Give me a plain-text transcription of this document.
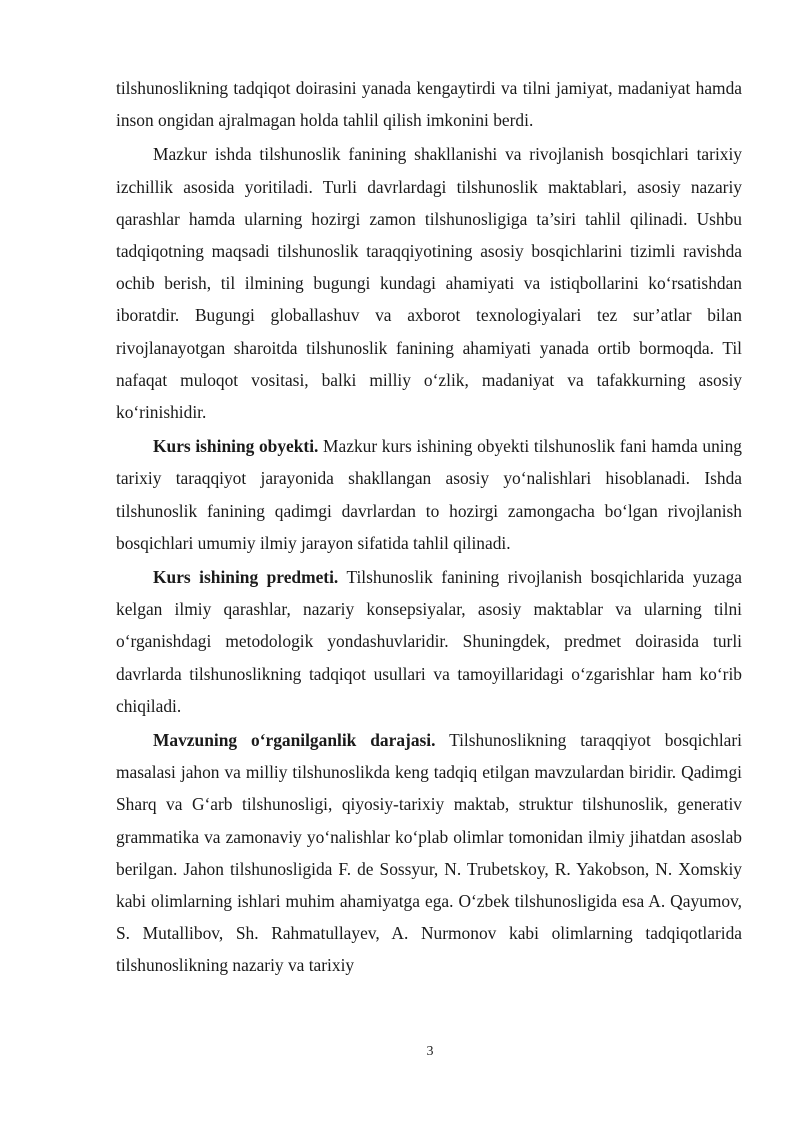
tilshunoslikning tadqiqot doirasini yanada kengaytirdi va tilni jamiyat, madaniyat hamda inson ongidan ajralmagan holda tahlil qilish imkonini berdi.

Mazkur ishda tilshunoslik fanining shakllanishi va rivojlanish bosqichlari tarixiy izchillik asosida yoritiladi. Turli davrlardagi tilshunoslik maktablari, asosiy nazariy qarashlar hamda ularning hozirgi zamon tilshunosligiga ta’siri tahlil qilinadi. Ushbu tadqiqotning maqsadi tilshunoslik taraqqiyotining asosiy bosqichlarini tizimli ravishda ochib berish, til ilmining bugungi kundagi ahamiyati va istiqbollarini ko‘rsatishdan iboratdir. Bugungi globallashuv va axborot texnologiyalari tez sur’atlar bilan rivojlanayotgan sharoitda tilshunoslik fanining ahamiyati yanada ortib bormoqda. Til nafaqat muloqot vositasi, balki milliy o‘zlik, madaniyat va tafakkurning asosiy ko‘rinishidir.

Kurs ishining obyekti. Mazkur kurs ishining obyekti tilshunoslik fani hamda uning tarixiy taraqqiyot jarayonida shakllangan asosiy yo‘nalishlari hisoblanadi. Ishda tilshunoslik fanining qadimgi davrlardan to hozirgi zamongacha bo‘lgan rivojlanish bosqichlari umumiy ilmiy jarayon sifatida tahlil qilinadi.

Kurs ishining predmeti. Tilshunoslik fanining rivojlanish bosqichlarida yuzaga kelgan ilmiy qarashlar, nazariy konsepsiyalar, asosiy maktablar va ularning tilni o‘rganishdagi metodologik yondashuvlaridir. Shuningdek, predmet doirasida turli davrlarda tilshunoslikning tadqiqot usullari va tamoyillaridagi o‘zgarishlar ham ko‘rib chiqiladi.

Mavzuning o‘rganilganlik darajasi. Tilshunoslikning taraqqiyot bosqichlari masalasi jahon va milliy tilshunoslikda keng tadqiq etilgan mavzulardan biridir. Qadimgi Sharq va G‘arb tilshunosligi, qiyosiy-tarixiy maktab, struktur tilshunoslik, generativ grammatika va zamonaviy yo‘nalishlar ko‘plab olimlar tomonidan ilmiy jihatdan asoslab berilgan. Jahon tilshunosligida F. de Sossyur, N. Trubetskoy, R. Yakobson, N. Xomskiy kabi olimlarning ishlari muhim ahamiyatga ega. O‘zbek tilshunosligida esa A. Qayumov, S. Mutallibov, Sh. Rahmatullayev, A. Nurmonov kabi olimlarning tadqiqotlarida tilshunoslikning nazariy va tarixiy

3
